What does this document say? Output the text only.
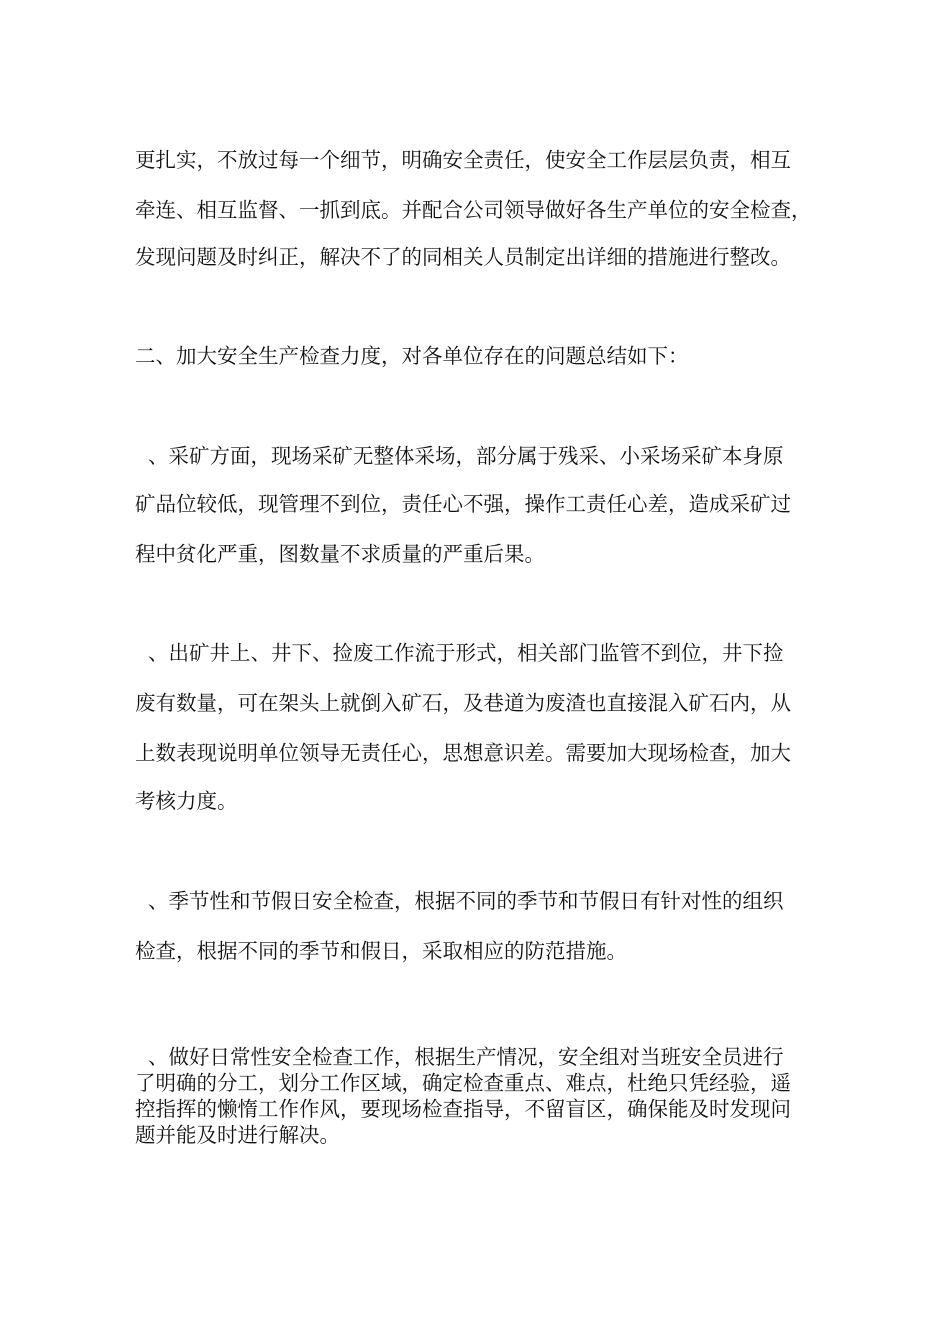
更扎实，不放过每一个细节，明确安全责任，使安全工作层层负责，相互
牵连、相互监督、一抓到底。并配合公司领导做好各生产单位的安全检查，
发现问题及时纠正，解决不了的同相关人员制定出详细的措施进行整改。
二、加大安全生产检查力度，对各单位存在的问题总结如下：
、采矿方面，现场采矿无整体采场，部分属于残采、小采场采矿本身原
矿品位较低，现管理不到位，责任心不强，操作工责任心差，造成采矿过
程中贫化严重，图数量不求质量的严重后果。
、出矿井上、井下、捡废工作流于形式，相关部门监管不到位，井下捡
废有数量，可在架头上就倒入矿石，及巷道为废渣也直接混入矿石内，从
上数表现说明单位领导无责任心，思想意识差。需要加大现场检查，加大
考核力度。
、季节性和节假日安全检查，根据不同的季节和节假日有针对性的组织
检查，根据不同的季节和假日，采取相应的防范措施。
、做好日常性安全检查工作，根据生产情况，安全组对当班安全员进行
了明确的分工，划分工作区域，确定检查重点、难点，杜绝只凭经验，遥
控指挥的懒惰工作作风，要现场检查指导，不留盲区，确保能及时发现问
题并能及时进行解决。
